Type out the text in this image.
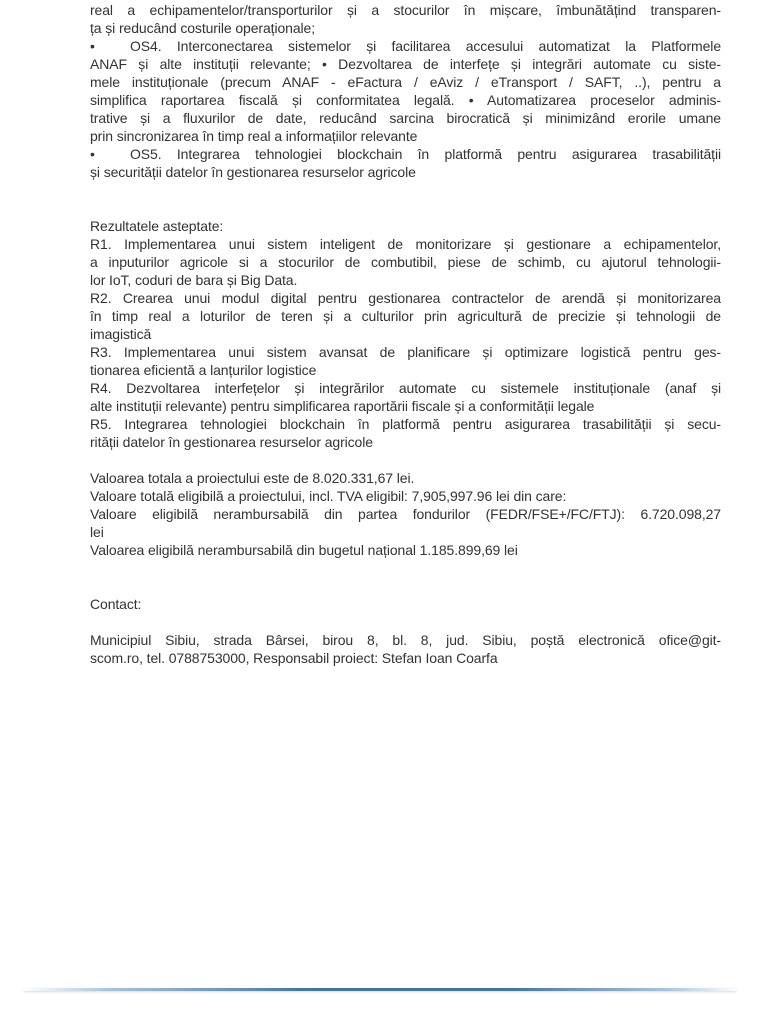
real a echipamentelor/transporturilor și a stocurilor în mișcare, îmbunătățind transparen-
ța și reducând costurile operaționale;
•	OS4. Interconectarea sistemelor și facilitarea accesului automatizat la Platformele
ANAF și alte instituții relevante; • Dezvoltarea de interfețe și integrări automate cu siste-
mele instituționale (precum ANAF - eFactura / eAviz / eTransport / SAFT, ..), pentru a
simplifica raportarea fiscală și conformitatea legală. • Automatizarea proceselor adminis-
trative și a fluxurilor de date, reducând sarcina birocratică și minimizând erorile umane
prin sincronizarea în timp real a informațiilor relevante
•	OS5. Integrarea tehnologiei blockchain în platformă pentru asigurarea trasabilității
și securității datelor în gestionarea resurselor agricole
Rezultatele asteptate:
R1. Implementarea unui sistem inteligent de monitorizare și gestionare a echipamentelor,
a inputurilor agricole si a stocurilor de combutibil, piese de schimb, cu ajutorul tehnologii-
lor IoT, coduri de bara și Big Data.
R2. Crearea unui modul digital pentru gestionarea contractelor de arendă și monitorizarea
în timp real a loturilor de teren și a culturilor prin agricultură de precizie și tehnologii de
imagistică
R3. Implementarea unui sistem avansat de planificare și optimizare logistică pentru ges-
tionarea eficientă a lanțurilor logistice
R4. Dezvoltarea interfețelor și integrărilor automate cu sistemele instituționale (anaf și
alte instituții relevante) pentru simplificarea raportării fiscale și a conformității legale
R5. Integrarea tehnologiei blockchain în platformă pentru asigurarea trasabilității și secu-
rității datelor în gestionarea resurselor agricole
Valoarea totala a proiectului este de 8.020.331,67 lei.
Valoare totală eligibilă a proiectului, incl. TVA eligibil: 7,905,997.96 lei din care:
Valoare eligibilă nerambursabilă din partea fondurilor (FEDR/FSE+/FC/FTJ): 6.720.098,27
lei
Valoarea eligibilă nerambursabilă din bugetul național 1.185.899,69 lei
Contact:
Municipiul Sibiu, strada Bârsei, birou 8, bl. 8, jud. Sibiu, poștă electronică ofice@git-
scom.ro, tel. 0788753000, Responsabil proiect: Stefan Ioan Coarfa
